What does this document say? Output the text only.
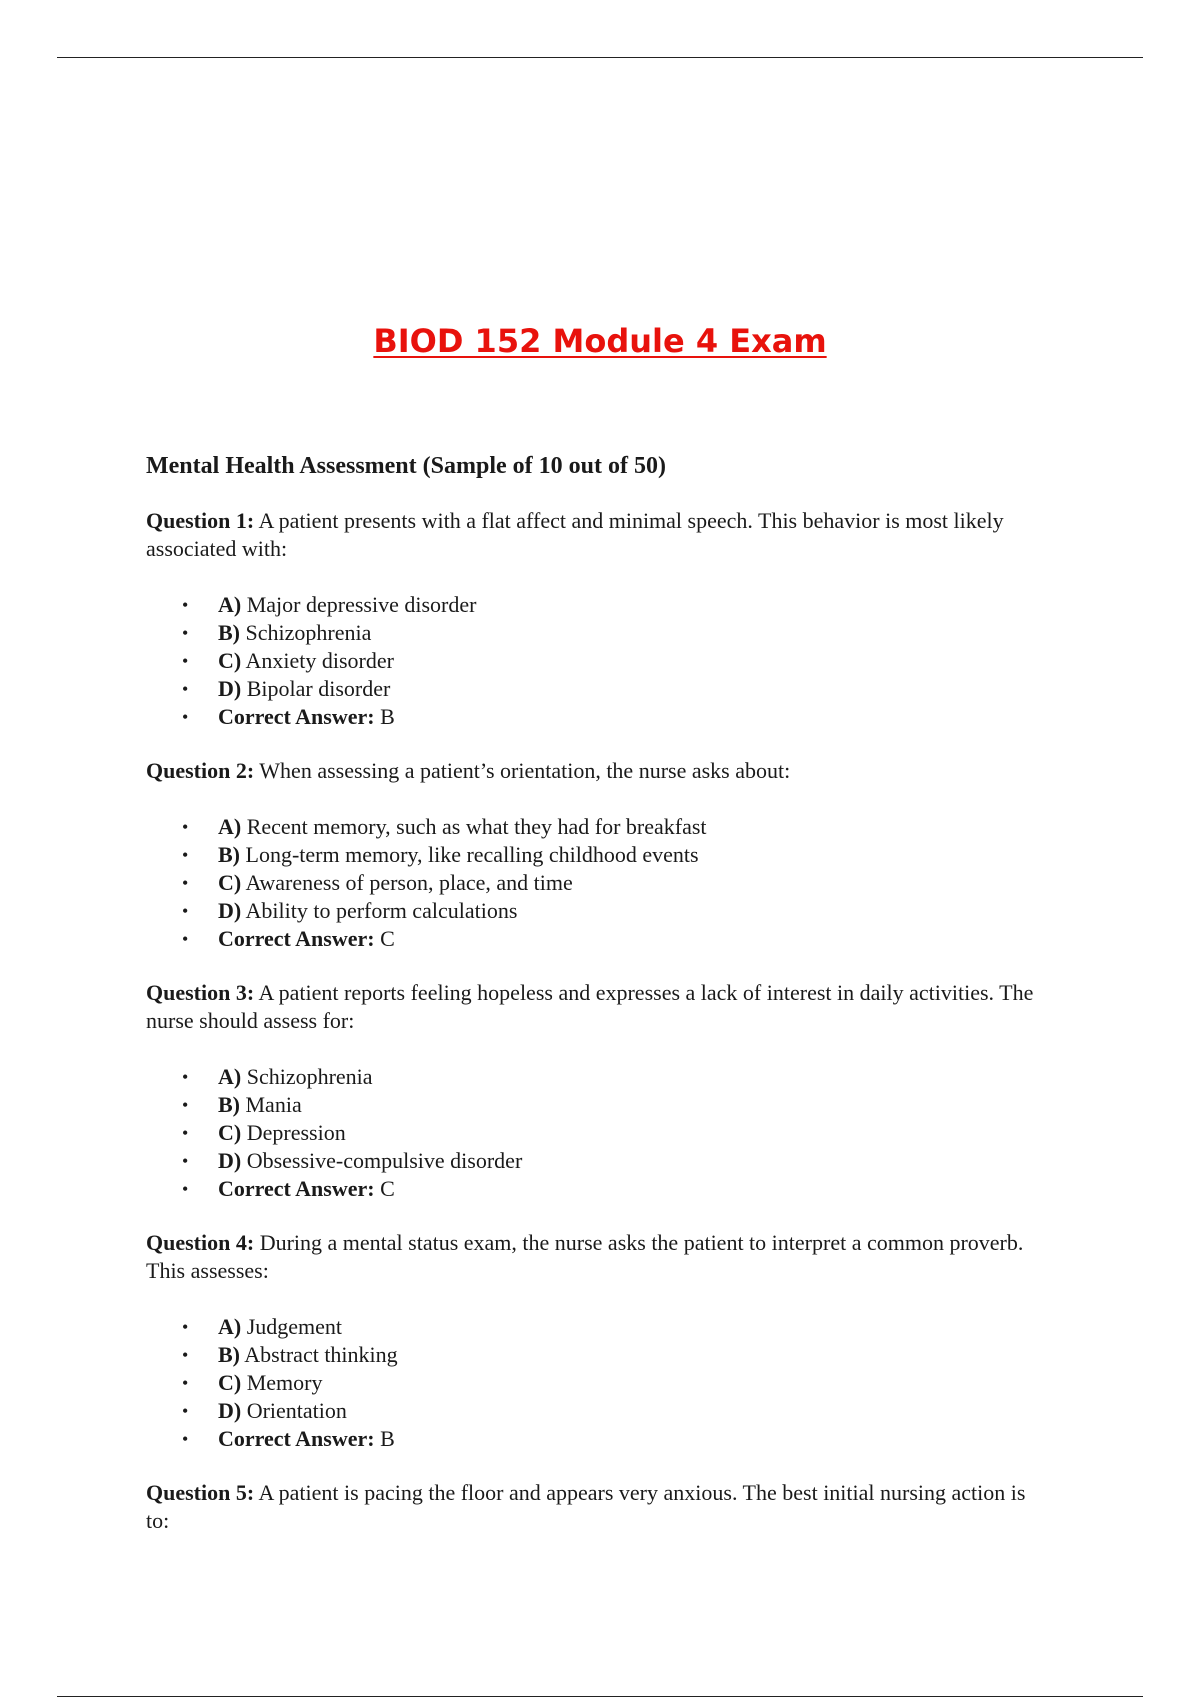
BIOD 152 Module 4 Exam
Mental Health Assessment (Sample of 10 out of 50)
Question 1: A patient presents with a flat affect and minimal speech. This behavior is most likely associated with:
• A) Major depressive disorder
• B) Schizophrenia
• C) Anxiety disorder
• D) Bipolar disorder
• Correct Answer: B
Question 2: When assessing a patient’s orientation, the nurse asks about:
• A) Recent memory, such as what they had for breakfast
• B) Long-term memory, like recalling childhood events
• C) Awareness of person, place, and time
• D) Ability to perform calculations
• Correct Answer: C
Question 3: A patient reports feeling hopeless and expresses a lack of interest in daily activities. The nurse should assess for:
• A) Schizophrenia
• B) Mania
• C) Depression
• D) Obsessive-compulsive disorder
• Correct Answer: C
Question 4: During a mental status exam, the nurse asks the patient to interpret a common proverb. This assesses:
• A) Judgement
• B) Abstract thinking
• C) Memory
• D) Orientation
• Correct Answer: B
Question 5: A patient is pacing the floor and appears very anxious. The best initial nursing action is to:
